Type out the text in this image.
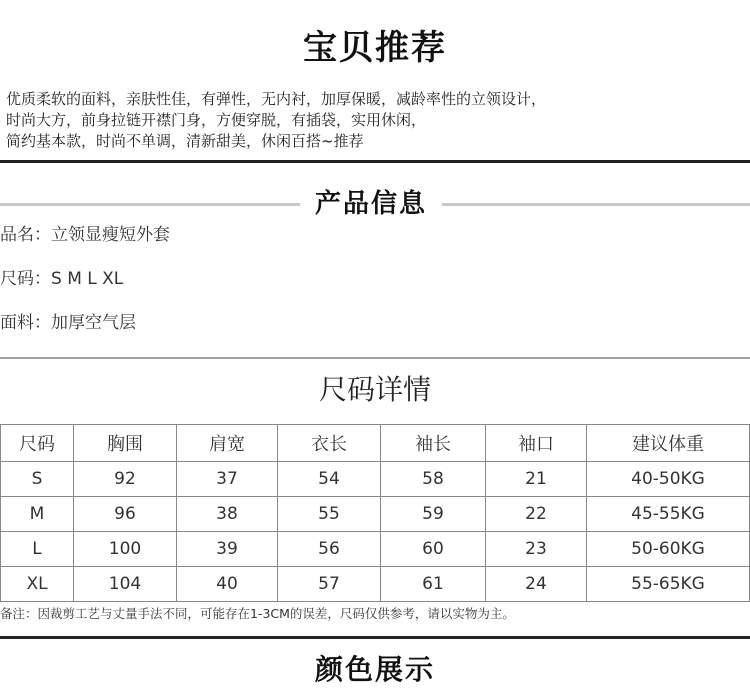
宝贝推荐
优质柔软的面料，亲肤性佳，有弹性，无内衬，加厚保暖，减龄率性的立领设计，
时尚大方，前身拉链开襟门身，方便穿脱，有插袋，实用休闲，
简约基本款，时尚不单调，清新甜美，休闲百搭~推荐
产品信息
品名：立领显瘦短外套
尺码：S M L XL
面料：加厚空气层
尺码详情
尺码	胸围	肩宽	衣长	袖长	袖口	建议体重
S	92	37	54	58	21	40-50KG
M	96	38	55	59	22	45-55KG
L	100	39	56	60	23	50-60KG
XL	104	40	57	61	24	55-65KG
备注：因裁剪工艺与丈量手法不同，可能存在1-3CM的误差，尺码仅供参考，请以实物为主。
颜色展示
